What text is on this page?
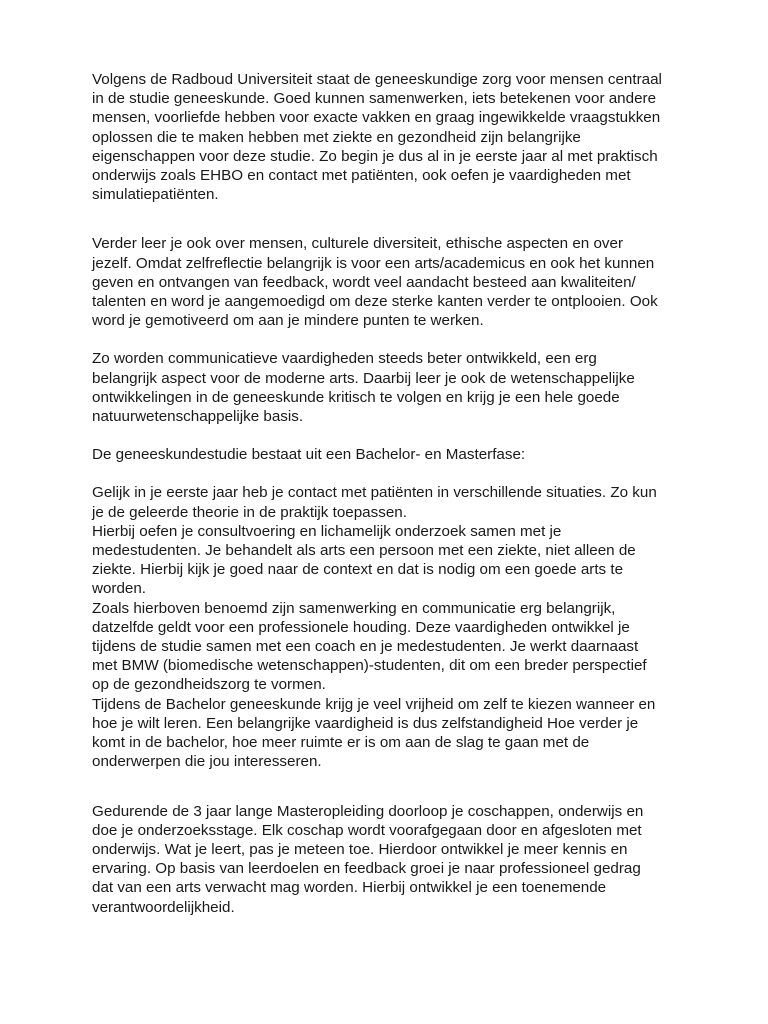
Volgens de Radboud Universiteit staat de geneeskundige zorg voor mensen centraal
in de studie geneeskunde. Goed kunnen samenwerken, iets betekenen voor andere
mensen, voorliefde hebben voor exacte vakken en graag ingewikkelde vraagstukken
oplossen die te maken hebben met ziekte en gezondheid zijn belangrijke
eigenschappen voor deze studie. Zo begin je dus al in je eerste jaar al met praktisch
onderwijs zoals EHBO en contact met patiënten, ook oefen je vaardigheden met
simulatiepatiënten.

Verder leer je ook over mensen, culturele diversiteit, ethische aspecten en over
jezelf. Omdat zelfreflectie belangrijk is voor een arts/academicus en ook het kunnen
geven en ontvangen van feedback, wordt veel aandacht besteed aan kwaliteiten/
talenten en word je aangemoedigd om deze sterke kanten verder te ontplooien. Ook
word je gemotiveerd om aan je mindere punten te werken.

Zo worden communicatieve vaardigheden steeds beter ontwikkeld, een erg
belangrijk aspect voor de moderne arts. Daarbij leer je ook de wetenschappelijke
ontwikkelingen in de geneeskunde kritisch te volgen en krijg je een hele goede
natuurwetenschappelijke basis.

De geneeskundestudie bestaat uit een Bachelor- en Masterfase:

Gelijk in je eerste jaar heb je contact met patiënten in verschillende situaties. Zo kun
je de geleerde theorie in de praktijk toepassen.
Hierbij oefen je consultvoering en lichamelijk onderzoek samen met je
medestudenten. Je behandelt als arts een persoon met een ziekte, niet alleen de
ziekte. Hierbij kijk je goed naar de context en dat is nodig om een goede arts te
worden.
Zoals hierboven benoemd zijn samenwerking en communicatie erg belangrijk,
datzelfde geldt voor een professionele houding. Deze vaardigheden ontwikkel je
tijdens de studie samen met een coach en je medestudenten. Je werkt daarnaast
met BMW (biomedische wetenschappen)-studenten, dit om een breder perspectief
op de gezondheidszorg te vormen.
Tijdens de Bachelor geneeskunde krijg je veel vrijheid om zelf te kiezen wanneer en
hoe je wilt leren. Een belangrijke vaardigheid is dus zelfstandigheid Hoe verder je
komt in de bachelor, hoe meer ruimte er is om aan de slag te gaan met de
onderwerpen die jou interesseren.

Gedurende de 3 jaar lange Masteropleiding doorloop je coschappen, onderwijs en
doe je onderzoeksstage. Elk coschap wordt voorafgegaan door en afgesloten met
onderwijs. Wat je leert, pas je meteen toe. Hierdoor ontwikkel je meer kennis en
ervaring. Op basis van leerdoelen en feedback groei je naar professioneel gedrag
dat van een arts verwacht mag worden. Hierbij ontwikkel je een toenemende
verantwoordelijkheid.
